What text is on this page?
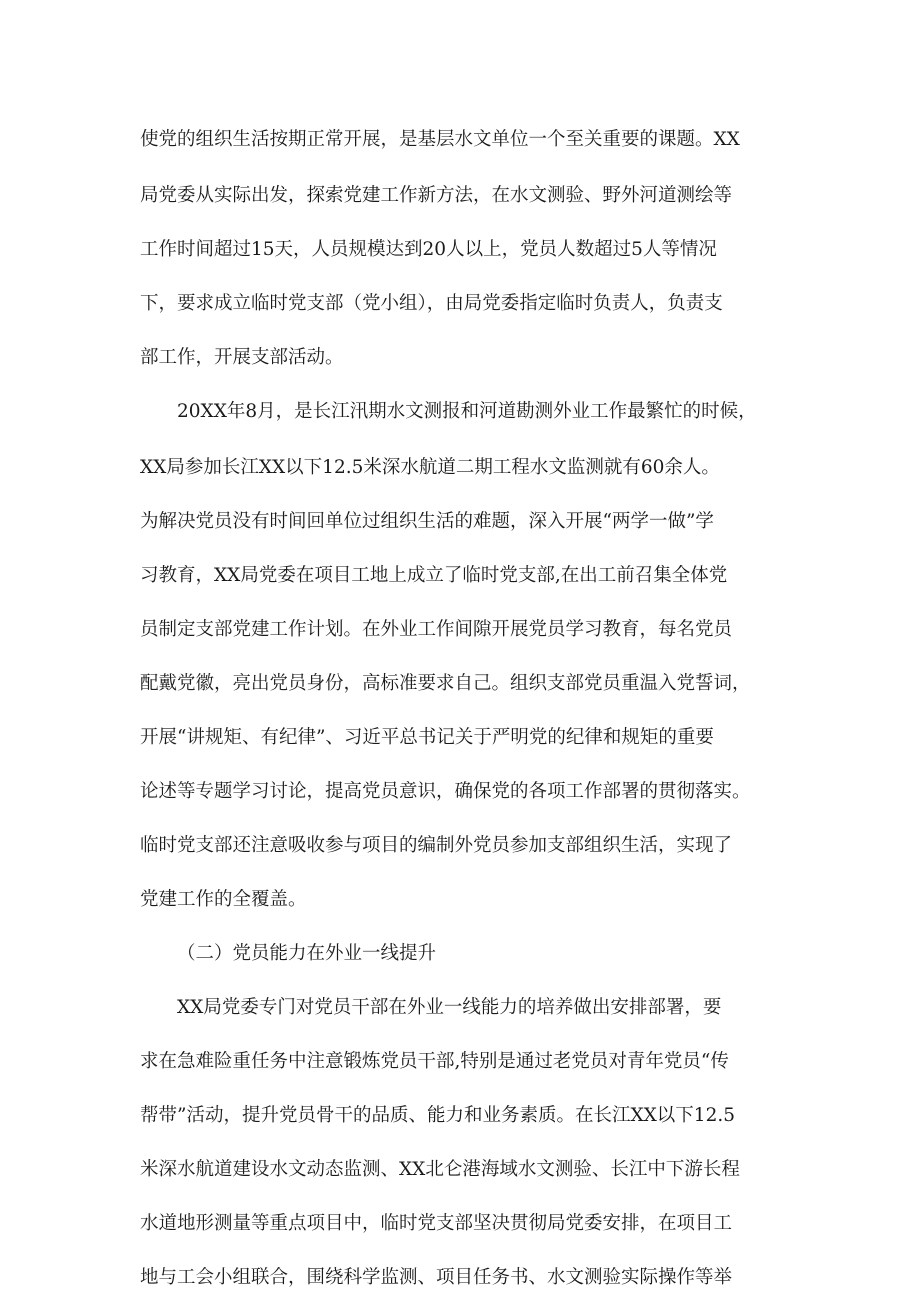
使党的组织生活按期正常开展，是基层水文单位一个至关重要的课题。XX
局党委从实际出发，探索党建工作新方法，在水文测验、野外河道测绘等
工作时间超过15天，人员规模达到20人以上，党员人数超过5人等情况
下，要求成立临时党支部（党小组），由局党委指定临时负责人，负责支
部工作，开展支部活动。
20XX年8月，是长江汛期水文测报和河道勘测外业工作最繁忙的时候，
XX局参加长江XX以下12.5米深水航道二期工程水文监测就有60余人。
为解决党员没有时间回单位过组织生活的难题，深入开展“两学一做”学
习教育，XX局党委在项目工地上成立了临时党支部,在出工前召集全体党
员制定支部党建工作计划。在外业工作间隙开展党员学习教育，每名党员
配戴党徽，亮出党员身份，高标准要求自己。组织支部党员重温入党誓词，
开展“讲规矩、有纪律”、习近平总书记关于严明党的纪律和规矩的重要
论述等专题学习讨论，提高党员意识，确保党的各项工作部署的贯彻落实。
临时党支部还注意吸收参与项目的编制外党员参加支部组织生活，实现了
党建工作的全覆盖。
（二）党员能力在外业一线提升
XX局党委专门对党员干部在外业一线能力的培养做出安排部署，要
求在急难险重任务中注意锻炼党员干部,特别是通过老党员对青年党员“传
帮带”活动，提升党员骨干的品质、能力和业务素质。在长江XX以下12.5
米深水航道建设水文动态监测、XX北仑港海域水文测验、长江中下游长程
水道地形测量等重点项目中，临时党支部坚决贯彻局党委安排，在项目工
地与工会小组联合，围绕科学监测、项目任务书、水文测验实际操作等举
